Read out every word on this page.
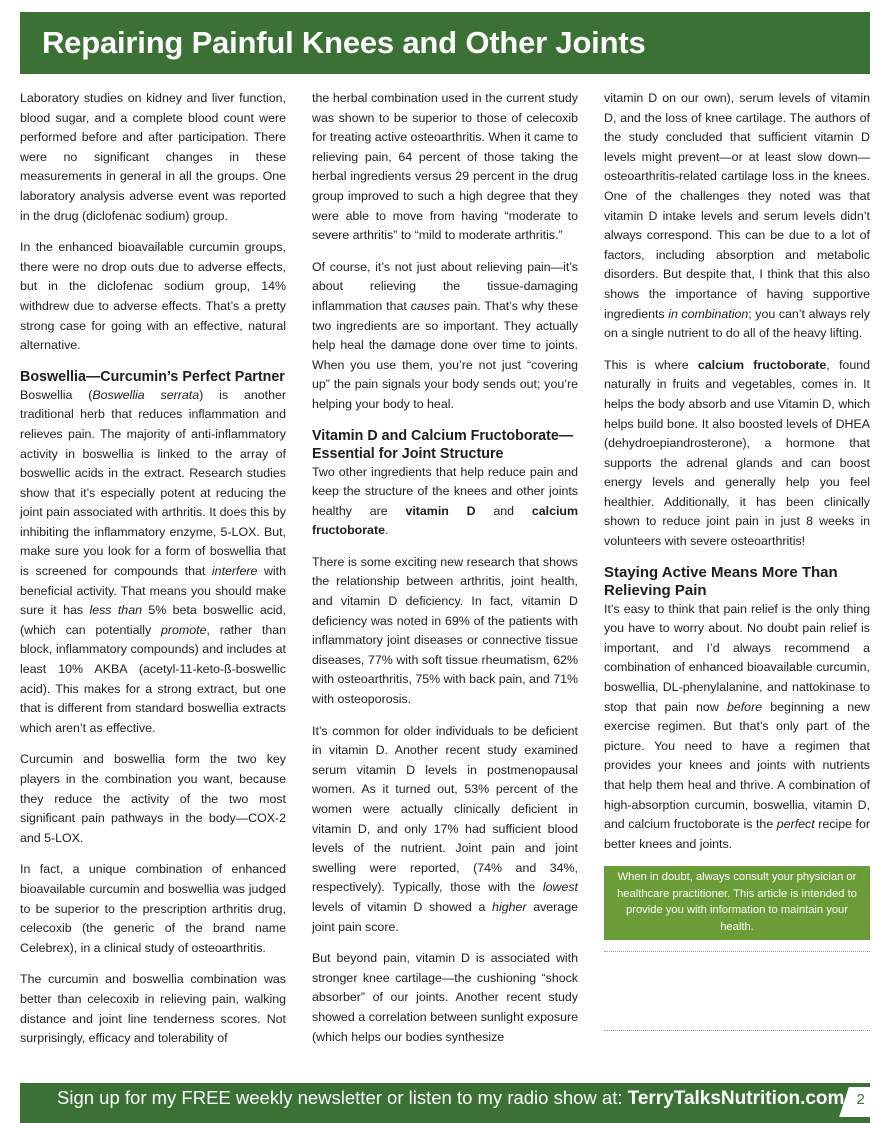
Repairing Painful Knees and Other Joints

Laboratory studies on kidney and liver function, blood sugar, and a complete blood count were performed before and after participation. There were no significant changes in these measurements in general in all the groups. One laboratory analysis adverse event was reported in the drug (diclofenac sodium) group.

In the enhanced bioavailable curcumin groups, there were no drop outs due to adverse effects, but in the diclofenac sodium group, 14% withdrew due to adverse effects. That’s a pretty strong case for going with an effective, natural alternative.

Boswellia—Curcumin’s Perfect Partner

Boswellia (Boswellia serrata) is another traditional herb that reduces inflammation and relieves pain. The majority of anti-inflammatory activity in boswellia is linked to the array of boswellic acids in the extract. Research studies show that it’s especially potent at reducing the joint pain associated with arthritis. It does this by inhibiting the inflammatory enzyme, 5-LOX. But, make sure you look for a form of boswellia that is screened for compounds that interfere with beneficial activity. That means you should make sure it has less than 5% beta boswellic acid, (which can potentially promote, rather than block, inflammatory compounds) and includes at least 10% AKBA (acetyl-11-keto-ß-boswellic acid). This makes for a strong extract, but one that is different from standard boswellia extracts which aren’t as effective.

Curcumin and boswellia form the two key players in the combination you want, because they reduce the activity of the two most significant pain pathways in the body—COX-2 and 5-LOX.

In fact, a unique combination of enhanced bioavailable curcumin and boswellia was judged to be superior to the prescription arthritis drug, celecoxib (the generic of the brand name Celebrex), in a clinical study of osteoarthritis.

The curcumin and boswellia combination was better than celecoxib in relieving pain, walking distance and joint line tenderness scores. Not surprisingly, efficacy and tolerability of

the herbal combination used in the current study was shown to be superior to those of celecoxib for treating active osteoarthritis. When it came to relieving pain, 64 percent of those taking the herbal ingredients versus 29 percent in the drug group improved to such a high degree that they were able to move from having “moderate to severe arthritis” to “mild to moderate arthritis.”

Of course, it’s not just about relieving pain—it’s about relieving the tissue-damaging inflammation that causes pain. That’s why these two ingredients are so important. They actually help heal the damage done over time to joints. When you use them, you’re not just “covering up” the pain signals your body sends out; you’re helping your body to heal.

Vitamin D and Calcium Fructoborate—Essential for Joint Structure

Two other ingredients that help reduce pain and keep the structure of the knees and other joints healthy are vitamin D and calcium fructoborate.

There is some exciting new research that shows the relationship between arthritis, joint health, and vitamin D deficiency. In fact, vitamin D deficiency was noted in 69% of the patients with inflammatory joint diseases or connective tissue diseases, 77% with soft tissue rheumatism, 62% with osteoarthritis, 75% with back pain, and 71% with osteoporosis.

It’s common for older individuals to be deficient in vitamin D. Another recent study examined serum vitamin D levels in postmenopausal women. As it turned out, 53% percent of the women were actually clinically deficient in vitamin D, and only 17% had sufficient blood levels of the nutrient. Joint pain and joint swelling were reported, (74% and 34%, respectively). Typically, those with the lowest levels of vitamin D showed a higher average joint pain score.

But beyond pain, vitamin D is associated with stronger knee cartilage—the cushioning “shock absorber” of our joints. Another recent study showed a correlation between sunlight exposure (which helps our bodies synthesize

vitamin D on our own), serum levels of vitamin D, and the loss of knee cartilage. The authors of the study concluded that sufficient vitamin D levels might prevent—or at least slow down—osteoarthritis-related cartilage loss in the knees. One of the challenges they noted was that vitamin D intake levels and serum levels didn’t always correspond. This can be due to a lot of factors, including absorption and metabolic disorders. But despite that, I think that this also shows the importance of having supportive ingredients in combination; you can’t always rely on a single nutrient to do all of the heavy lifting.

This is where calcium fructoborate, found naturally in fruits and vegetables, comes in. It helps the body absorb and use Vitamin D, which helps build bone. It also boosted levels of DHEA (dehydroepiandrosterone), a hormone that supports the adrenal glands and can boost energy levels and generally help you feel healthier. Additionally, it has been clinically shown to reduce joint pain in just 8 weeks in volunteers with severe osteoarthritis!

Staying Active Means More Than Relieving Pain

It’s easy to think that pain relief is the only thing you have to worry about. No doubt pain relief is important, and I’d always recommend a combination of enhanced bioavailable curcumin, boswellia, DL-phenylalanine, and nattokinase to stop that pain now before beginning a new exercise regimen. But that’s only part of the picture. You need to have a regimen that provides your knees and joints with nutrients that help them heal and thrive. A combination of high-absorption curcumin, boswellia, vitamin D, and calcium fructoborate is the perfect recipe for better knees and joints.

When in doubt, always consult your physician or healthcare practitioner. This article is intended to provide you with information to maintain your health.
Sign up for my FREE weekly newsletter or listen to my radio show at: TerryTalksNutrition.com 2
